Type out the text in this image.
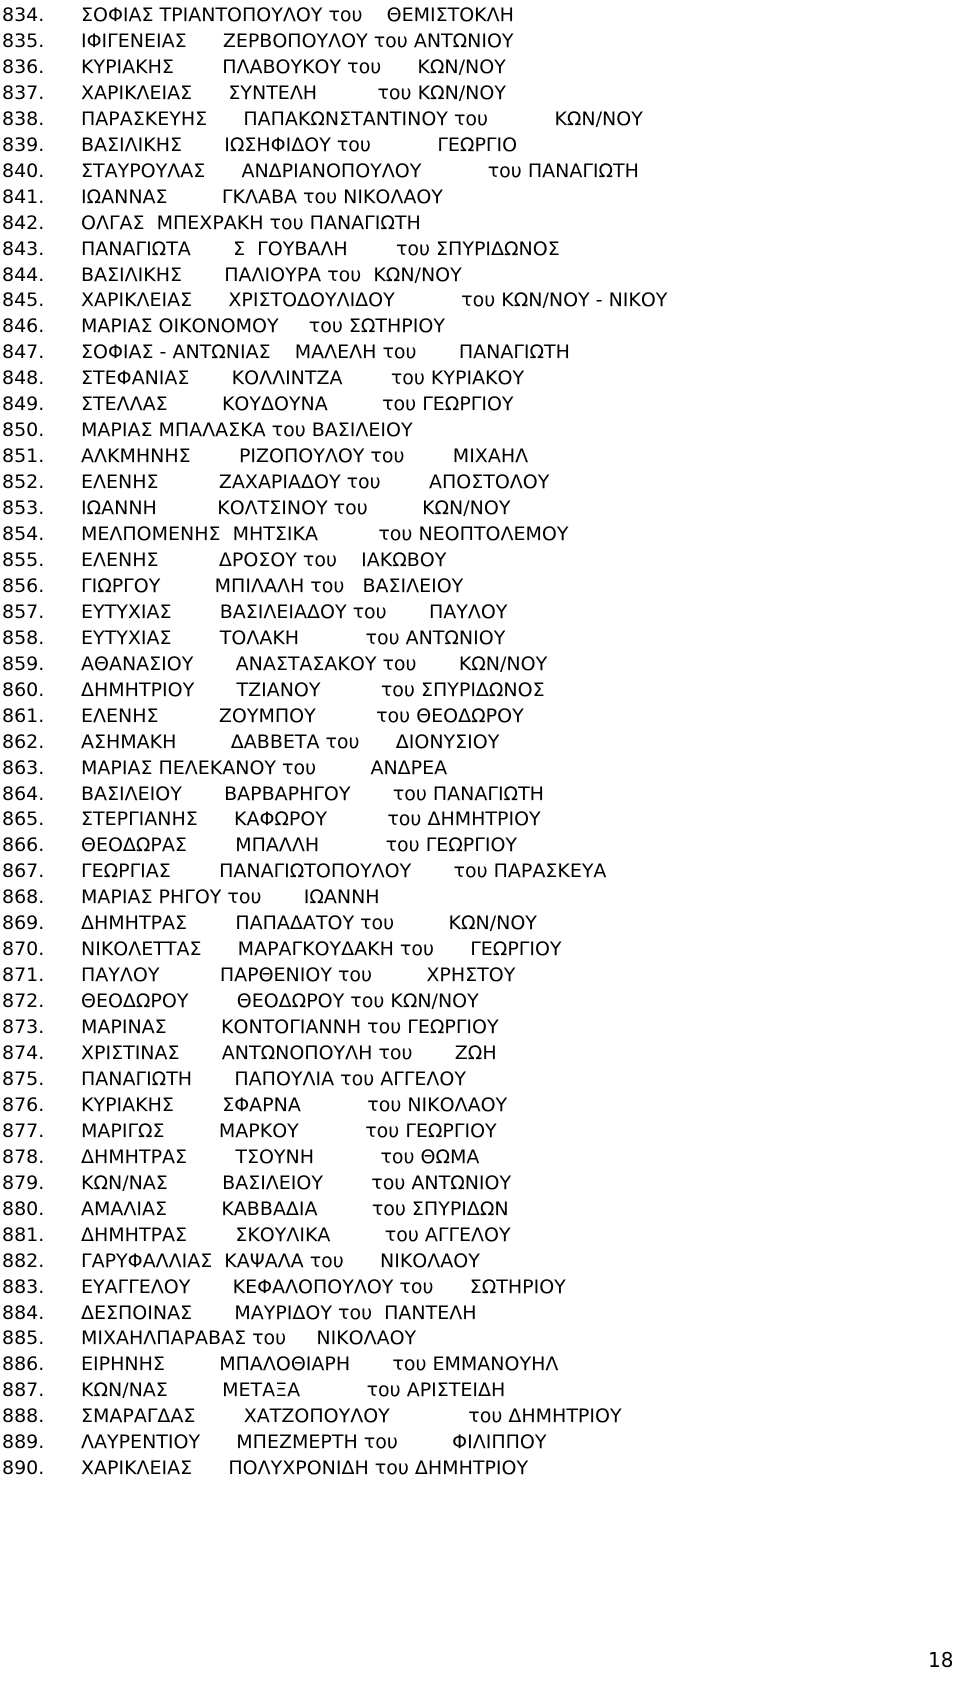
834. ΣΟΦΙΑΣ ΤΡΙΑΝΤΟΠΟΥΛΟΥ του    ΘΕΜΙΣΤΟΚΛΗ
835. ΙΦΙΓΕΝΕΙΑΣ      ΖΕΡΒΟΠΟΥΛΟΥ του ΑΝΤΩΝΙΟΥ
836. ΚΥΡΙΑΚΗΣ        ΠΛΑΒΟΥΚΟΥ του      ΚΩΝ/ΝΟΥ
837. ΧΑΡΙΚΛΕΙΑΣ      ΣΥΝΤΕΛΗ          του ΚΩΝ/ΝΟΥ
838. ΠΑΡΑΣΚΕΥΗΣ      ΠΑΠΑΚΩΝΣΤΑΝΤΙΝΟΥ του           ΚΩΝ/ΝΟΥ
839. ΒΑΣΙΛΙΚΗΣ       ΙΩΣΗΦΙΔΟΥ του           ΓΕΩΡΓΙΟ
840. ΣΤΑΥΡΟΥΛΑΣ      ΑΝΔΡΙΑΝΟΠΟΥΛΟΥ           του ΠΑΝΑΓΙΩΤΗ
841. ΙΩΑΝΝΑΣ         ΓΚΛΑΒΑ του ΝΙΚΟΛΑΟΥ
842. ΟΛΓΑΣ  ΜΠΕΧΡΑΚΗ του ΠΑΝΑΓΙΩΤΗ
843. ΠΑΝΑΓΙΩΤΑ       Σ  ΓΟΥΒΑΛΗ        του ΣΠΥΡΙΔΩΝΟΣ
844. ΒΑΣΙΛΙΚΗΣ       ΠΑΛΙΟΥΡΑ του  ΚΩΝ/ΝΟΥ
845. ΧΑΡΙΚΛΕΙΑΣ      ΧΡΙΣΤΟΔΟΥΛΙΔΟΥ           του ΚΩΝ/ΝΟΥ - ΝΙΚΟΥ
846. ΜΑΡΙΑΣ ΟΙΚΟΝΟΜΟΥ     του ΣΩΤΗΡΙΟΥ
847. ΣΟΦΙΑΣ - ΑΝΤΩΝΙΑΣ    ΜΑΛΕΛΗ του       ΠΑΝΑΓΙΩΤΗ
848. ΣΤΕΦΑΝΙΑΣ       ΚΟΛΛΙΝΤΖΑ        του ΚΥΡΙΑΚΟΥ
849. ΣΤΕΛΛΑΣ         ΚΟΥΔΟΥΝΑ         του ΓΕΩΡΓΙΟΥ
850. ΜΑΡΙΑΣ ΜΠΑΛΑΣΚΑ του ΒΑΣΙΛΕΙΟΥ
851. ΑΛΚΜΗΝΗΣ        ΡΙΖΟΠΟΥΛΟΥ του        ΜΙΧΑΗΛ
852. ΕΛΕΝΗΣ          ΖΑΧΑΡΙΑΔΟΥ του        ΑΠΟΣΤΟΛΟΥ
853. ΙΩΑΝΝΗ          ΚΟΛΤΣΙΝΟΥ του         ΚΩΝ/ΝΟΥ
854. ΜΕΛΠΟΜΕΝΗΣ  ΜΗΤΣΙΚΑ          του ΝΕΟΠΤΟΛΕΜΟΥ
855. ΕΛΕΝΗΣ          ΔΡΟΣΟΥ του    ΙΑΚΩΒΟΥ
856. ΓΙΩΡΓΟΥ         ΜΠΙΛΑΛΗ του   ΒΑΣΙΛΕΙΟΥ
857. ΕΥΤΥΧΙΑΣ        ΒΑΣΙΛΕΙΑΔΟΥ του       ΠΑΥΛΟΥ
858. ΕΥΤΥΧΙΑΣ        ΤΟΛΑΚΗ           του ΑΝΤΩΝΙΟΥ
859. ΑΘΑΝΑΣΙΟΥ       ΑΝΑΣΤΑΣΑΚΟΥ του       ΚΩΝ/ΝΟΥ
860. ΔΗΜΗΤΡΙΟΥ       ΤΖΙΑΝΟΥ          του ΣΠΥΡΙΔΩΝΟΣ
861. ΕΛΕΝΗΣ          ΖΟΥΜΠΟΥ          του ΘΕΟΔΩΡΟΥ
862. ΑΣΗΜΑΚΗ         ΔΑΒΒΕΤΑ του      ΔΙΟΝΥΣΙΟΥ
863. ΜΑΡΙΑΣ ΠΕΛΕΚΑΝΟΥ του         ΑΝΔΡΕΑ
864. ΒΑΣΙΛΕΙΟΥ       ΒΑΡΒΑΡΗΓΟΥ       του ΠΑΝΑΓΙΩΤΗ
865. ΣΤΕΡΓΙΑΝΗΣ      ΚΑΦΩΡΟΥ          του ΔΗΜΗΤΡΙΟΥ
866. ΘΕΟΔΩΡΑΣ        ΜΠΑΛΛΗ           του ΓΕΩΡΓΙΟΥ
867. ΓΕΩΡΓΙΑΣ        ΠΑΝΑΓΙΩΤΟΠΟΥΛΟΥ       του ΠΑΡΑΣΚΕΥΑ
868. ΜΑΡΙΑΣ ΡΗΓΟΥ του       ΙΩΑΝΝΗ
869. ΔΗΜΗΤΡΑΣ        ΠΑΠΑΔΑΤΟΥ του         ΚΩΝ/ΝΟΥ
870. ΝΙΚΟΛΕΤΤΑΣ      ΜΑΡΑΓΚΟΥΔΑΚΗ του      ΓΕΩΡΓΙΟΥ
871. ΠΑΥΛΟΥ          ΠΑΡΘΕΝΙΟΥ του         ΧΡΗΣΤΟΥ
872. ΘΕΟΔΩΡΟΥ        ΘΕΟΔΩΡΟΥ του ΚΩΝ/ΝΟΥ
873. ΜΑΡΙΝΑΣ         ΚΟΝΤΟΓΙΑΝΝΗ του ΓΕΩΡΓΙΟΥ
874. ΧΡΙΣΤΙΝΑΣ       ΑΝΤΩΝΟΠΟΥΛΗ του       ΖΩΗ
875. ΠΑΝΑΓΙΩΤΗ       ΠΑΠΟΥΛΙΑ του ΑΓΓΕΛΟΥ
876. ΚΥΡΙΑΚΗΣ        ΣΦΑΡΝΑ           του ΝΙΚΟΛΑΟΥ
877. ΜΑΡΙΓΩΣ         ΜΑΡΚΟΥ           του ΓΕΩΡΓΙΟΥ
878. ΔΗΜΗΤΡΑΣ        ΤΣΟΥΝΗ           του ΘΩΜΑ
879. ΚΩΝ/ΝΑΣ         ΒΑΣΙΛΕΙΟΥ        του ΑΝΤΩΝΙΟΥ
880. ΑΜΑΛΙΑΣ         ΚΑΒΒΑΔΙΑ         του ΣΠΥΡΙΔΩΝ
881. ΔΗΜΗΤΡΑΣ        ΣΚΟΥΛΙΚΑ         του ΑΓΓΕΛΟΥ
882. ΓΑΡΥΦΑΛΛΙΑΣ  ΚΑΨΑΛΑ του      ΝΙΚΟΛΑΟΥ
883. ΕΥΑΓΓΕΛΟΥ       ΚΕΦΑΛΟΠΟΥΛΟΥ του      ΣΩΤΗΡΙΟΥ
884. ΔΕΣΠΟΙΝΑΣ       ΜΑΥΡΙΔΟΥ του  ΠΑΝΤΕΛΗ
885. ΜΙΧΑΗΛΠΑΡΑΒΑΣ του     ΝΙΚΟΛΑΟΥ
886. ΕΙΡΗΝΗΣ         ΜΠΑΛΟΘΙΑΡΗ       του ΕΜΜΑΝΟΥΗΛ
887. ΚΩΝ/ΝΑΣ         ΜΕΤΑΞΑ           του ΑΡΙΣΤΕΙΔΗ
888. ΣΜΑΡΑΓΔΑΣ        ΧΑΤΖΟΠΟΥΛΟΥ             του ΔΗΜΗΤΡΙΟΥ
889. ΛΑΥΡΕΝΤΙΟΥ      ΜΠΕΖΜΕΡΤΗ του         ΦΙΛΙΠΠΟΥ
890. ΧΑΡΙΚΛΕΙΑΣ      ΠΟΛΥΧΡΟΝΙΔΗ του ΔΗΜΗΤΡΙΟΥ
18
